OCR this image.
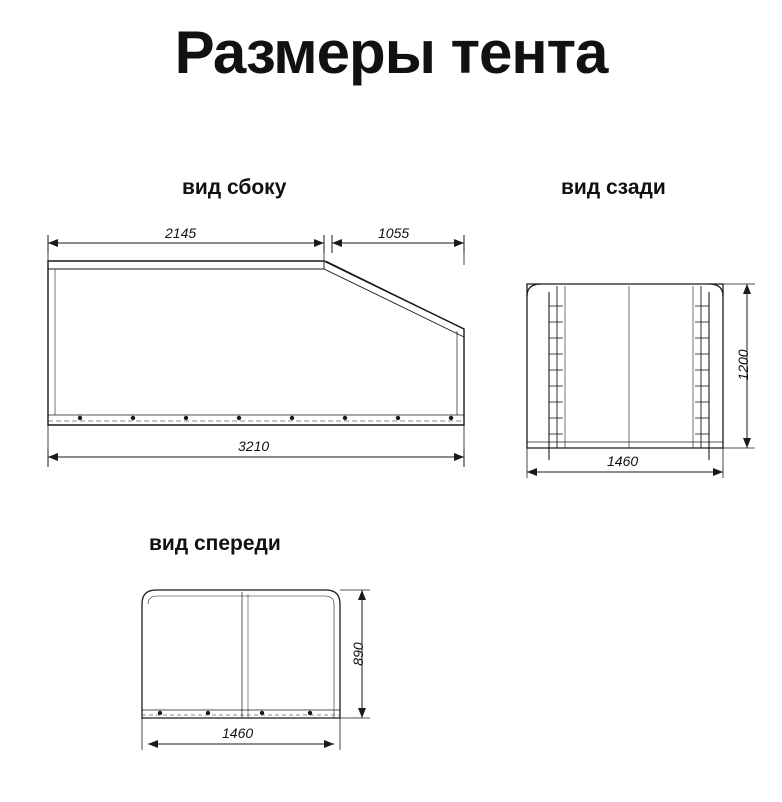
Размеры тента
вид сбоку	вид сзади
вид спереди
2145	1055
3210
1200
1460
890
1460
